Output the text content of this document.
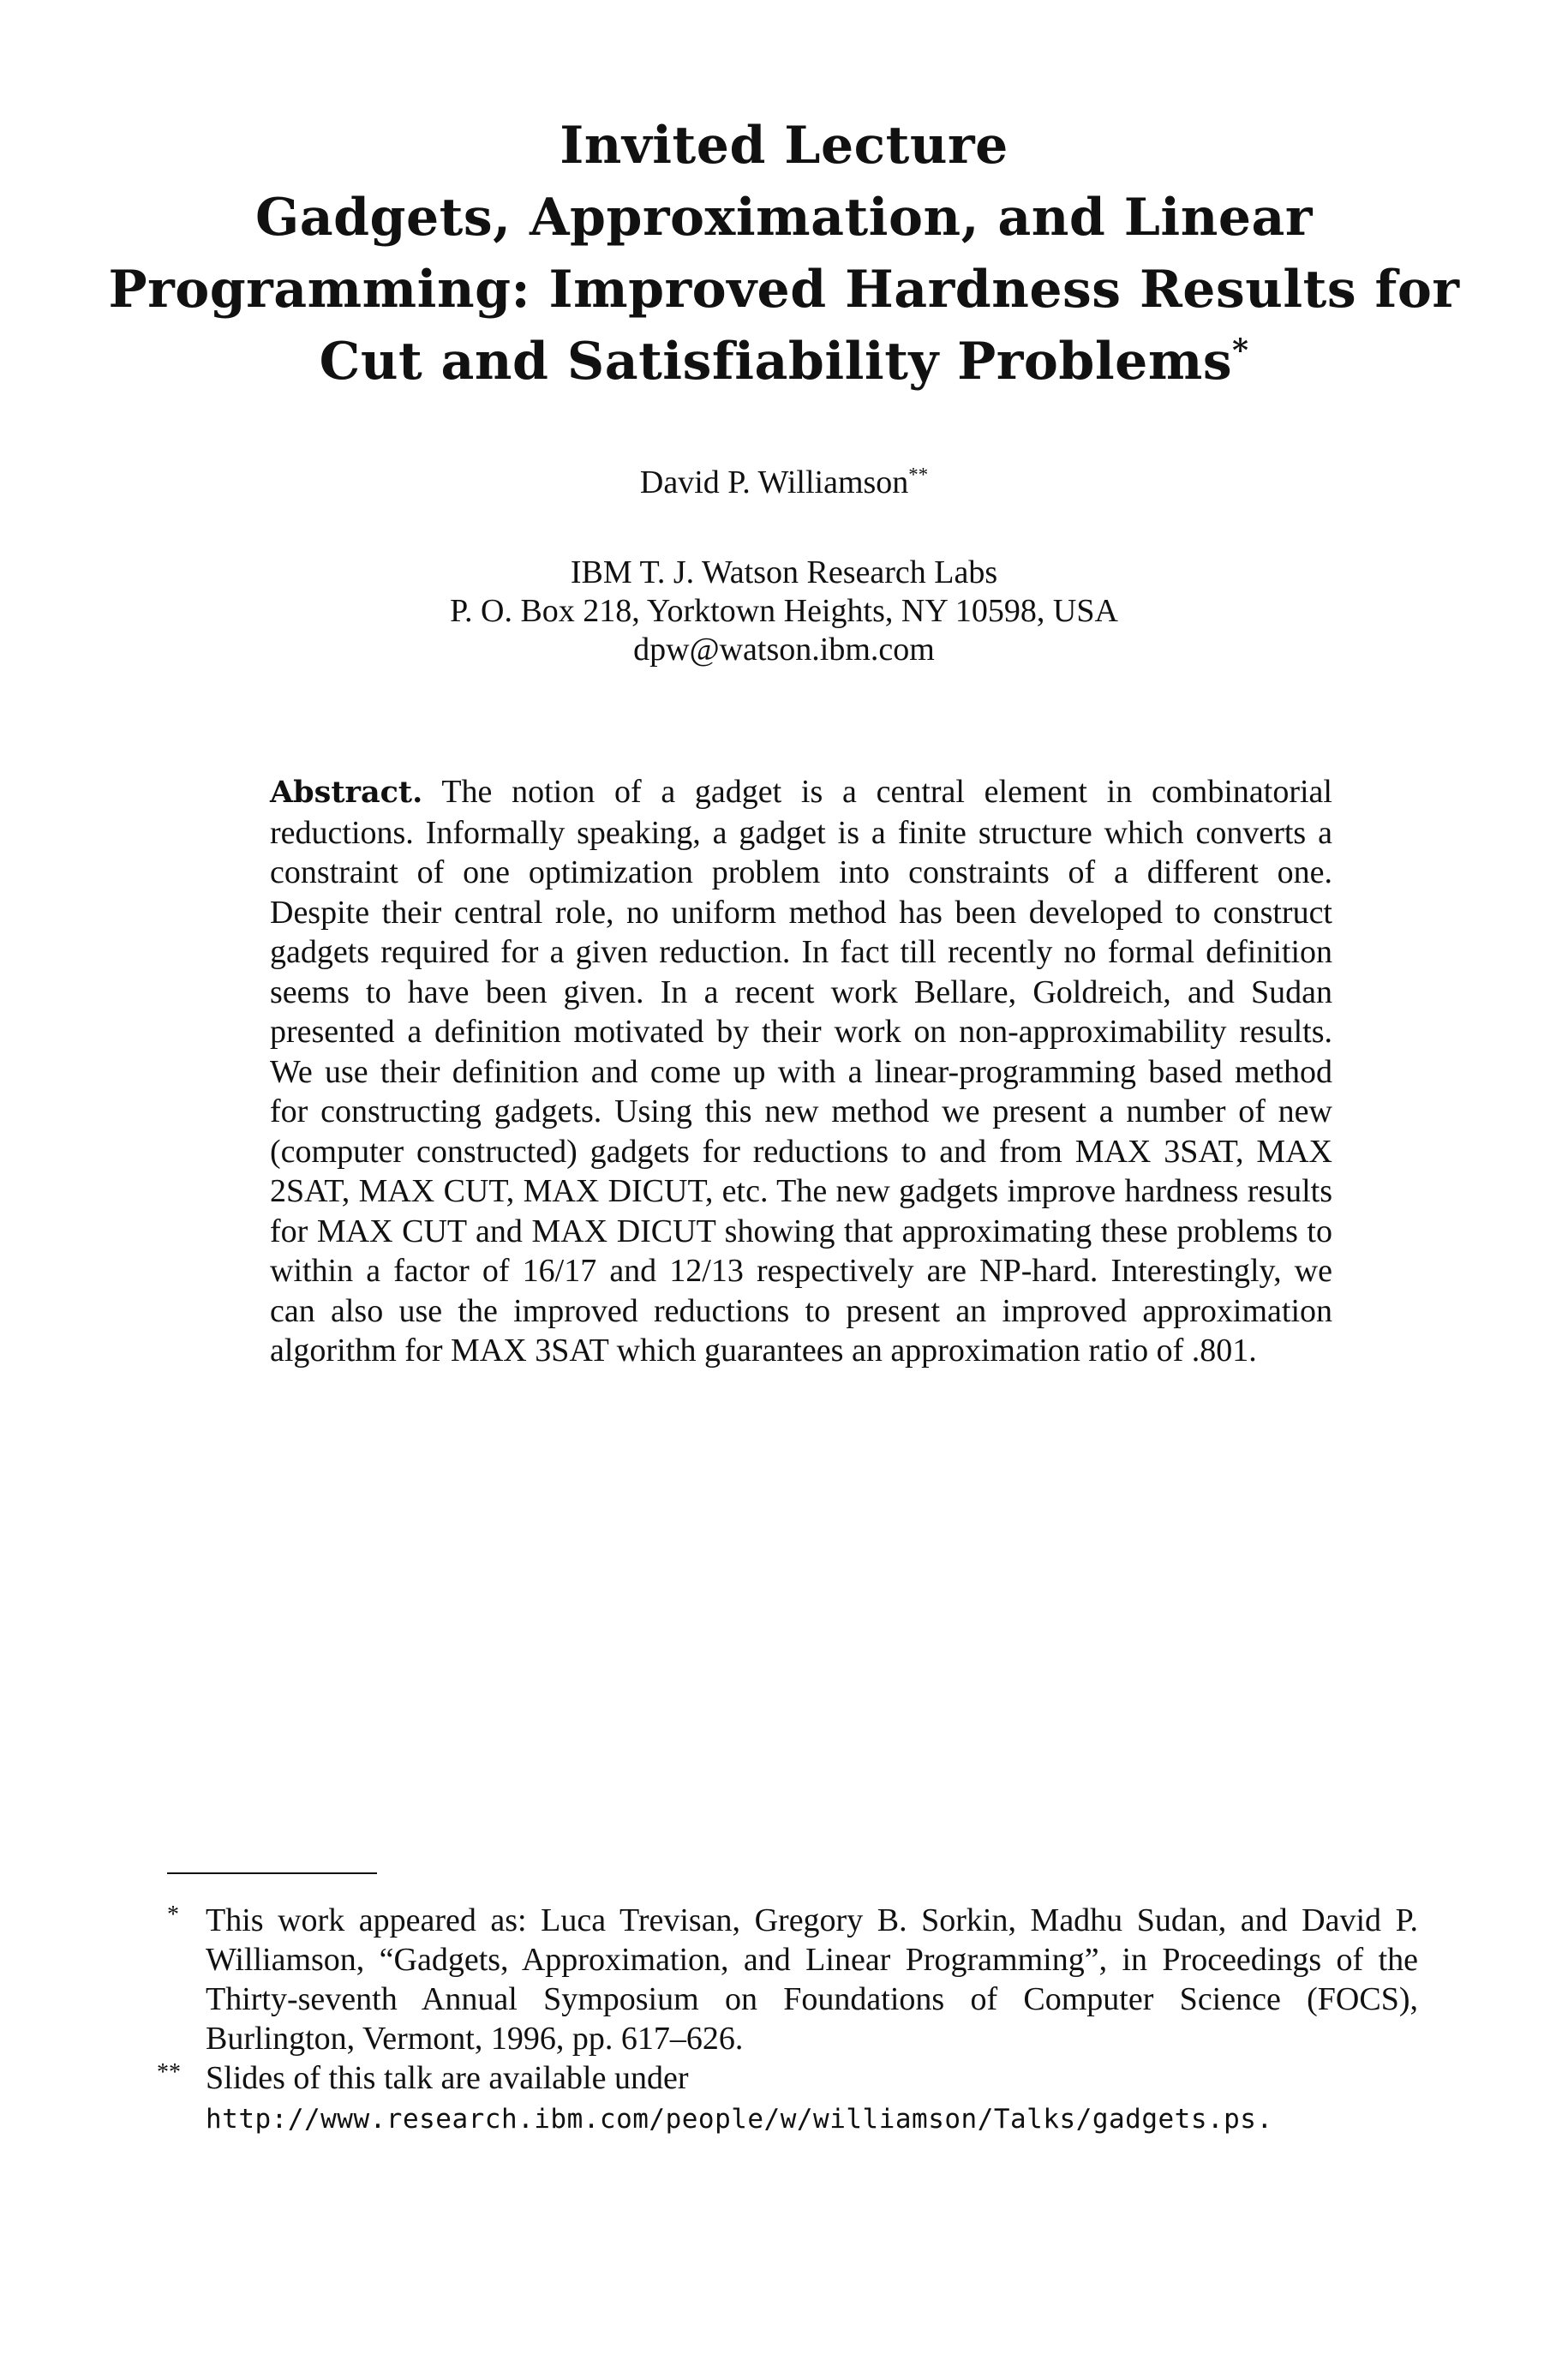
Invited Lecture
Gadgets, Approximation, and Linear
Programming: Improved Hardness Results for
Cut and Satisfiability Problems*
David P. Williamson**
IBM T. J. Watson Research Labs
P. O. Box 218, Yorktown Heights, NY 10598, USA
dpw@watson.ibm.com
Abstract. The notion of a gadget is a central element in combinatorial reductions. Informally speaking, a gadget is a finite structure which converts a constraint of one optimization problem into constraints of a different one. Despite their central role, no uniform method has been developed to construct gadgets required for a given reduction. In fact till recently no formal definition seems to have been given. In a recent work Bellare, Goldreich, and Sudan presented a definition motivated by their work on non-approximability results. We use their definition and come up with a linear-programming based method for constructing gadgets. Using this new method we present a number of new (computer constructed) gadgets for reductions to and from MAX 3SAT, MAX 2SAT, MAX CUT, MAX DICUT, etc. The new gadgets improve hardness results for MAX CUT and MAX DICUT showing that approximating these problems to within a factor of 16/17 and 12/13 respectively are NP-hard. Interestingly, we can also use the improved reductions to present an improved approximation algorithm for MAX 3SAT which guarantees an approximation ratio of .801.
* This work appeared as: Luca Trevisan, Gregory B. Sorkin, Madhu Sudan, and David P. Williamson, “Gadgets, Approximation, and Linear Programming”, in Proceedings of the Thirty-seventh Annual Symposium on Foundations of Computer Science (FOCS), Burlington, Vermont, 1996, pp. 617–626.
** Slides of this talk are available under
http://www.research.ibm.com/people/w/williamson/Talks/gadgets.ps.
